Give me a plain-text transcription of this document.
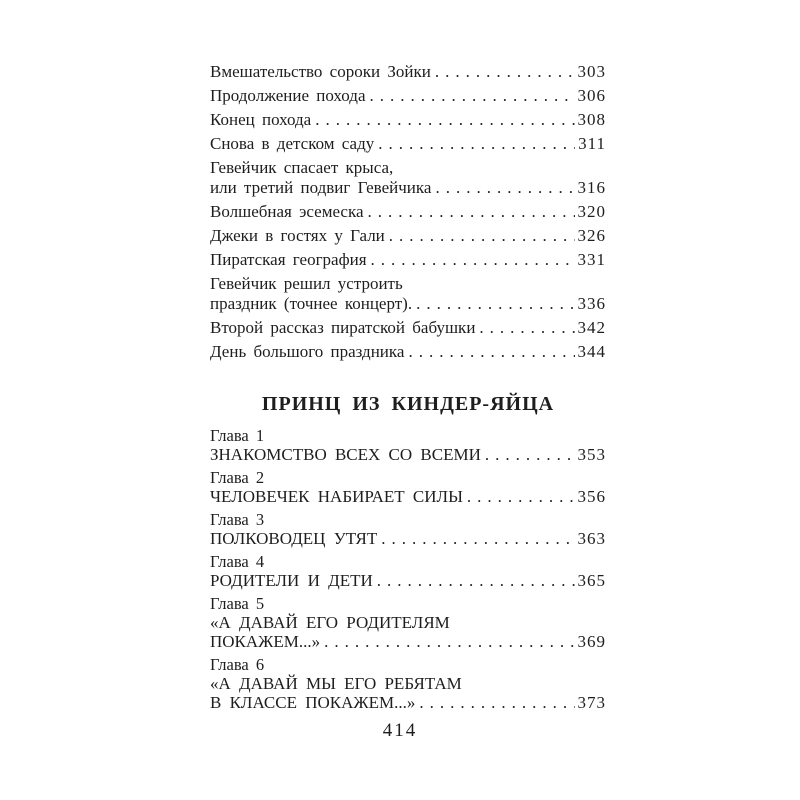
Вмешательство сороки Зойки .....	303
Продолжение похода .....	306
Конец похода .....	308
Снова в детском саду .....	311
Гевейчик спасает крыса,
или третий подвиг Гевейчика .....	316
Волшебная эсемеска .....	320
Джеки в гостях у Гали .....	326
Пиратская география .....	331
Гевейчик решил устроить
праздник (точнее концерт). .....	336
Второй рассказ пиратской бабушки .....	342
День большого праздника .....	344
ПРИНЦ ИЗ КИНДЕР-ЯЙЦА
Глава 1
ЗНАКОМСТВО ВСЕХ СО ВСЕМИ .....	353
Глава 2
ЧЕЛОВЕЧЕК НАБИРАЕТ СИЛЫ .....	356
Глава 3
ПОЛКОВОДЕЦ УТЯТ .....	363
Глава 4
РОДИТЕЛИ И ДЕТИ .....	365
Глава 5
«А ДАВАЙ ЕГО РОДИТЕЛЯМ
ПОКАЖЕМ...» .....	369
Глава 6
«А ДАВАЙ МЫ ЕГО РЕБЯТАМ
В КЛАССЕ ПОКАЖЕМ...» .....	373
414
